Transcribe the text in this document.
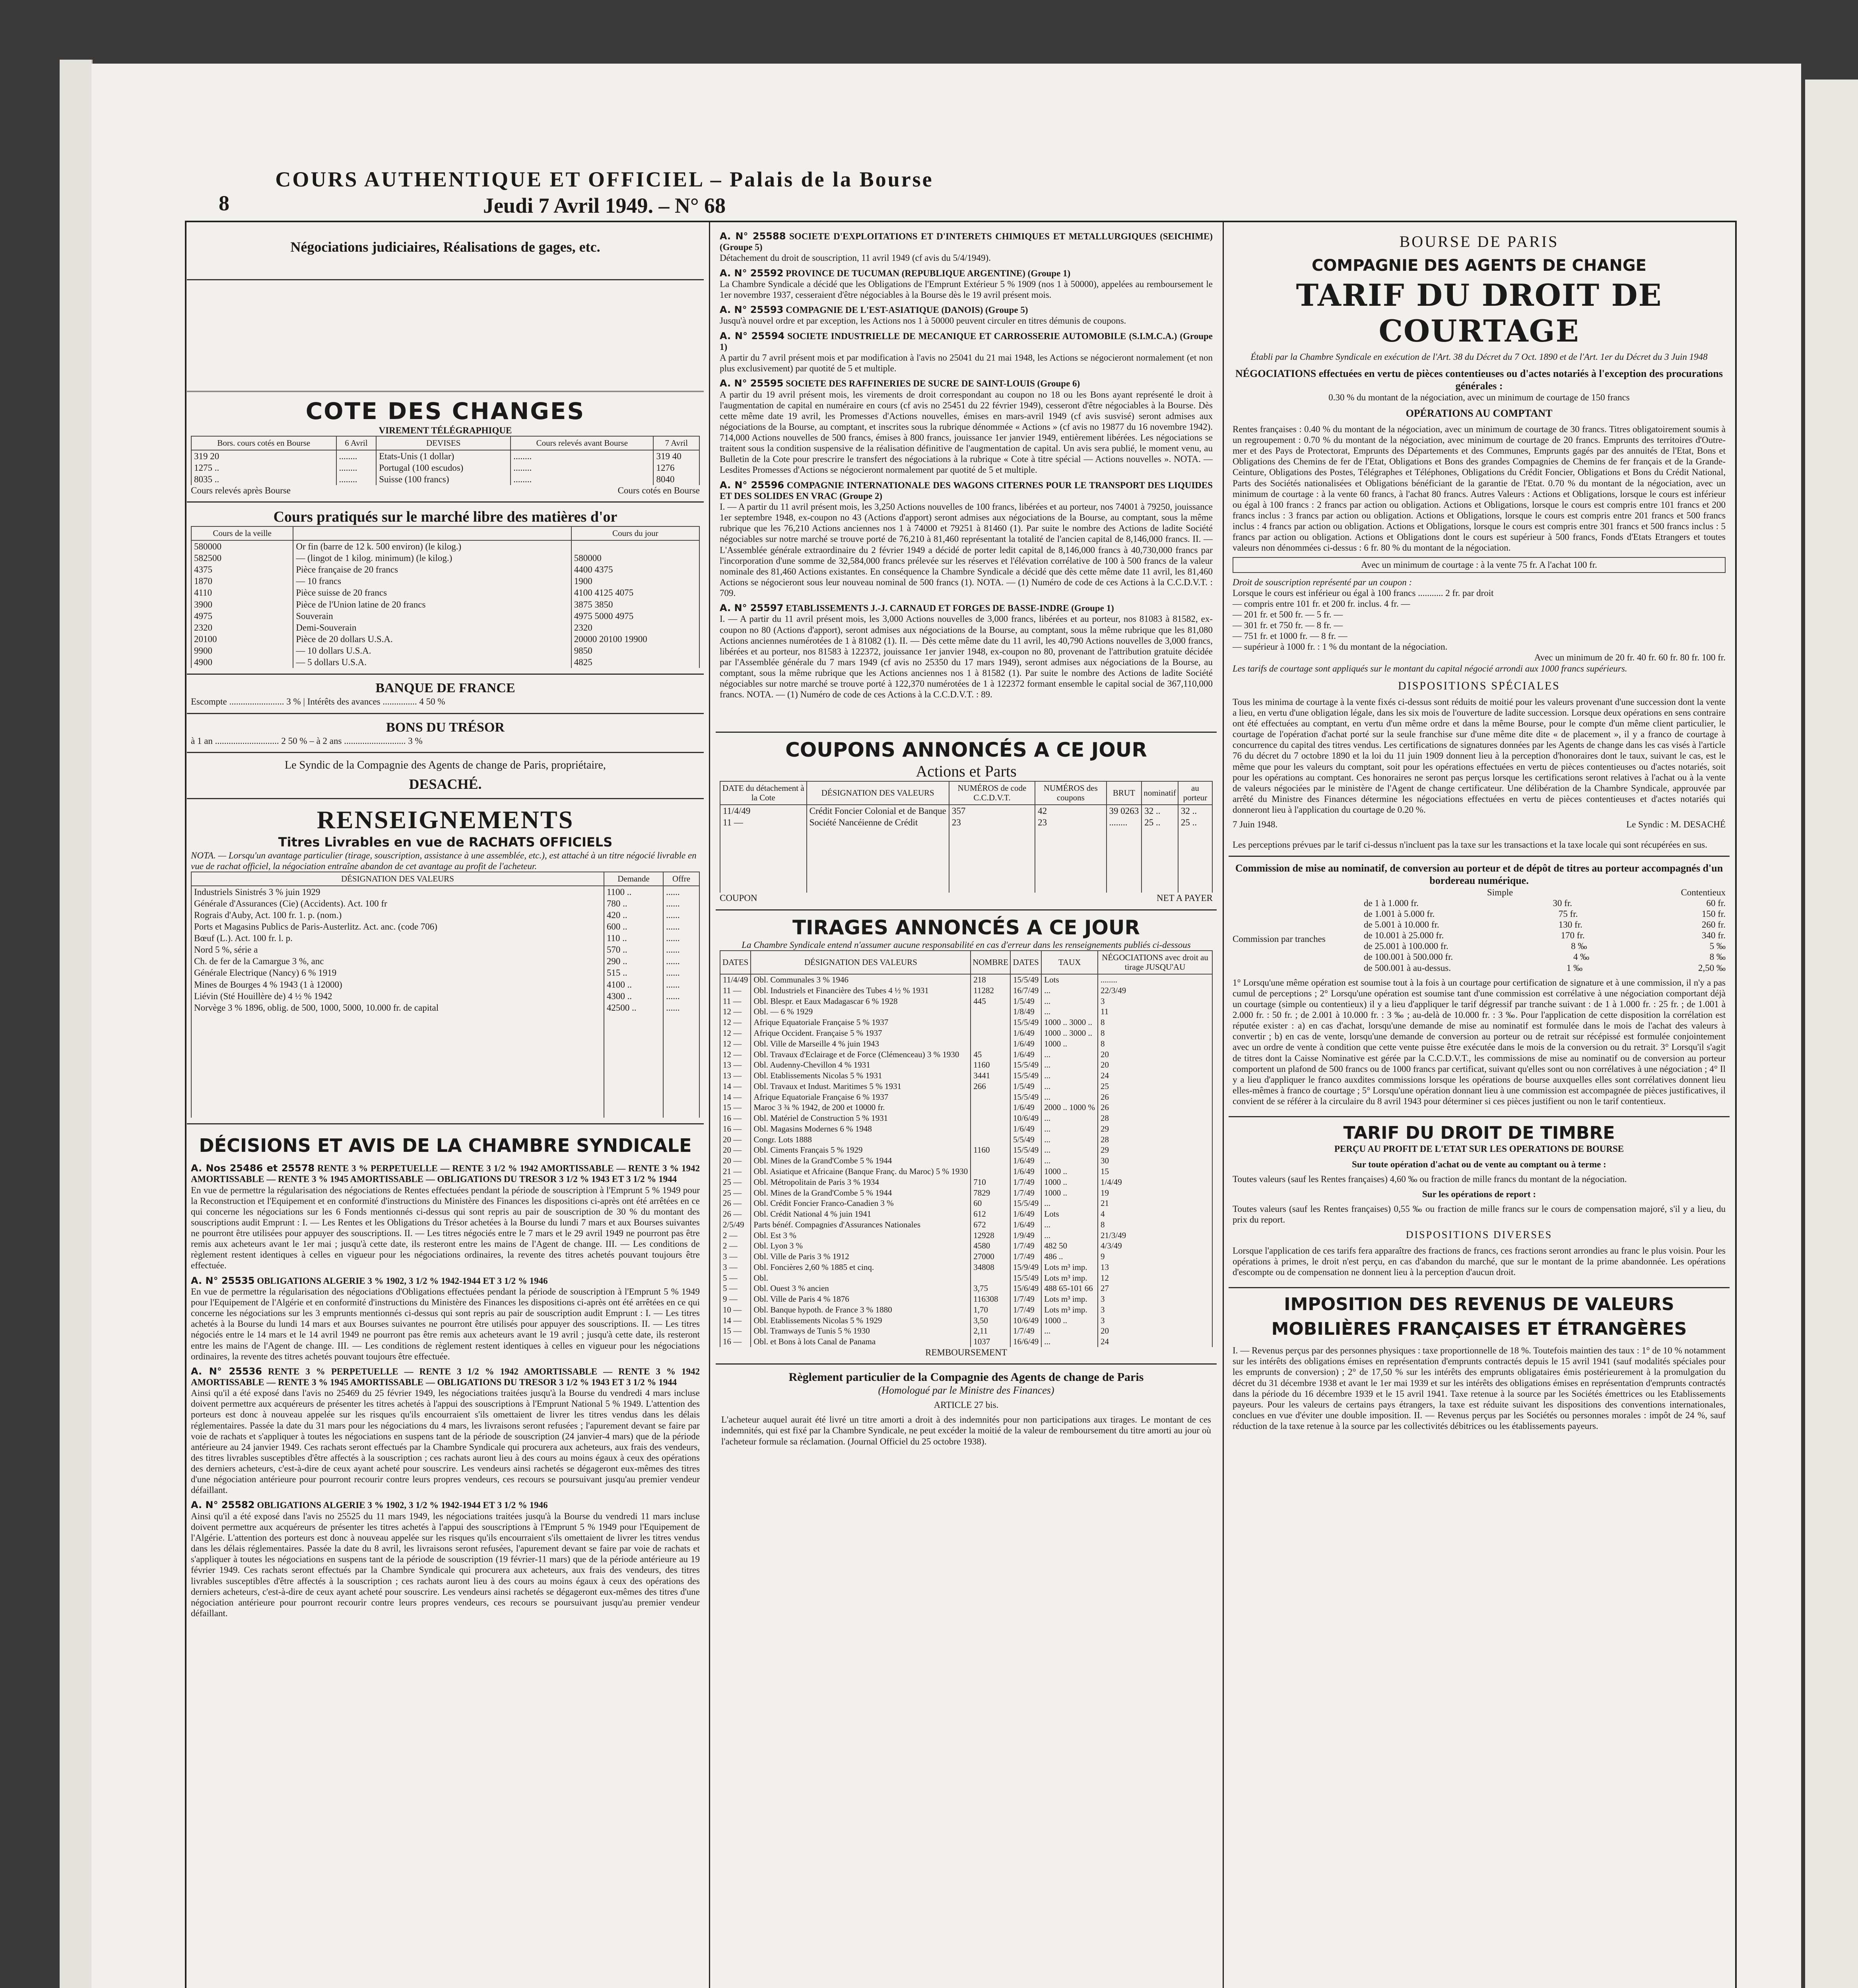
8
COURS AUTHENTIQUE ET OFFICIEL – Palais de la Bourse
Jeudi 7 Avril 1949. – N° 68
Négociations judiciaires, Réalisations de gages, etc.
COTE DES CHANGES
VIREMENT TÉLÉGRAPHIQUE
Bors. cours cotés en Bourse	6 Avril	DEVISES	Cours relevés avant Bourse	7 Avril
319 20	........	Etats-Unis (1 dollar)	........	319 40
1275 ..	........	Portugal (100 escudos)	........	1276
8035 ..	........	Suisse (100 francs)	........	8040
Cours relevés après Bourse	Cours cotés en Bourse
Cours pratiqués sur le marché libre des matières d'or
Cours de la veille		Cours du jour
580000	Or fin (barre de 12 k. 500 environ) (le kilog.)	
582500	— (lingot de 1 kilog. minimum) (le kilog.)	580000
4375	Pièce française de 20 francs	4400 4375
1870	— 10 francs	1900
4110	Pièce suisse de 20 francs	4100 4125 4075
3900	Pièce de l'Union latine de 20 francs	3875 3850
4975	Souverain	4975 5000 4975
2320	Demi-Souverain	2320
20100	Pièce de 20 dollars U.S.A.	20000 20100 19900
9900	— 10 dollars U.S.A.	9850
4900	— 5 dollars U.S.A.	4825
BANQUE DE FRANCE
Escompte ........................ 3 % | Intérêts des avances ............... 4 50 %
BONS DU TRÉSOR
à 1 an ............................ 2 50 % – à 2 ans ........................... 3 %
Le Syndic de la Compagnie des Agents de change de Paris, propriétaire,
DESACHÉ.
RENSEIGNEMENTS
Titres Livrables en vue de RACHATS OFFICIELS
NOTA. — Lorsqu'un avantage particulier (tirage, souscription, assistance à une assemblée, etc.), est attaché à un titre négocié livrable en vue de rachat officiel, la négociation entraîne abandon de cet avantage au profit de l'acheteur.
DÉSIGNATION DES VALEURS	Demande	Offre
Industriels Sinistrés 3 % juin 1929	1100 ..	......
Générale d'Assurances (Cie) (Accidents). Act. 100 fr	780 ..	......
Rograis d'Auby, Act. 100 fr. 1. p. (nom.)	420 ..	......
Ports et Magasins Publics de Paris-Austerlitz. Act. anc. (code 706)	600 ..	......
Bœuf (L.). Act. 100 fr. l. p.	110 ..	......
Nord 5 %, série a	570 ..	......
Ch. de fer de la Camargue 3 %, anc	290 ..	......
Générale Electrique (Nancy) 6 % 1919	515 ..	......
Mines de Bourges 4 % 1943 (1 à 12000)	4100 ..	......
Liévin (Sté Houillère de) 4 ½ % 1942	4300 ..	......
Norvège 3 % 1896, oblig. de 500, 1000, 5000, 10.000 fr. de capital	42500 ..	......

DÉCISIONS ET AVIS DE LA CHAMBRE SYNDICALE
A. Nos 25486 et 25578 RENTE 3 % PERPETUELLE — RENTE 3 1/2 % 1942 AMORTISSABLE — RENTE 3 % 1942 AMORTISSABLE — RENTE 3 % 1945 AMORTISSABLE — OBLIGATIONS DU TRESOR 3 1/2 % 1943 ET 3 1/2 % 1944
En vue de permettre la régularisation des négociations de Rentes effectuées pendant la période de souscription à l'Emprunt 5 % 1949 pour la Reconstruction et l'Equipement et en conformité d'instructions du Ministère des Finances les dispositions ci-après ont été arrêtées en ce qui concerne les négociations sur les 6 Fonds mentionnés ci-dessus qui sont repris au pair de souscription de 30 % du montant des souscriptions audit Emprunt : I. — Les Rentes et les Obligations du Trésor achetées à la Bourse du lundi 7 mars et aux Bourses suivantes ne pourront être utilisées pour appuyer des souscriptions. II. — Les titres négociés entre le 7 mars et le 29 avril 1949 ne pourront pas être remis aux acheteurs avant le 1er mai ; jusqu'à cette date, ils resteront entre les mains de l'Agent de change. III. — Les conditions de règlement restent identiques à celles en vigueur pour les négociations ordinaires, la revente des titres achetés pouvant toujours être effectuée.
A. N° 25535 OBLIGATIONS ALGERIE 3 % 1902, 3 1/2 % 1942-1944 ET 3 1/2 % 1946
En vue de permettre la régularisation des négociations d'Obligations effectuées pendant la période de souscription à l'Emprunt 5 % 1949 pour l'Equipement de l'Algérie et en conformité d'instructions du Ministère des Finances les dispositions ci-après ont été arrêtées en ce qui concerne les négociations sur les 3 emprunts mentionnés ci-dessus qui sont repris au pair de souscription audit Emprunt : I. — Les titres achetés à la Bourse du lundi 14 mars et aux Bourses suivantes ne pourront être utilisés pour appuyer des souscriptions. II. — Les titres négociés entre le 14 mars et le 14 avril 1949 ne pourront pas être remis aux acheteurs avant le 19 avril ; jusqu'à cette date, ils resteront entre les mains de l'Agent de change. III. — Les conditions de règlement restent identiques à celles en vigueur pour les négociations ordinaires, la revente des titres achetés pouvant toujours être effectuée.
A. N° 25536 RENTE 3 % PERPETUELLE — RENTE 3 1/2 % 1942 AMORTISSABLE — RENTE 3 % 1942 AMORTISSABLE — RENTE 3 % 1945 AMORTISSABLE — OBLIGATIONS DU TRESOR 3 1/2 % 1943 ET 3 1/2 % 1944
Ainsi qu'il a été exposé dans l'avis no 25469 du 25 février 1949, les négociations traitées jusqu'à la Bourse du vendredi 4 mars incluse doivent permettre aux acquéreurs de présenter les titres achetés à l'appui des souscriptions à l'Emprunt National 5 % 1949. L'attention des porteurs est donc à nouveau appelée sur les risques qu'ils encourraient s'ils omettaient de livrer les titres vendus dans les délais réglementaires. Passée la date du 31 mars pour les négociations du 4 mars, les livraisons seront refusées ; l'apurement devant se faire par voie de rachats et s'appliquer à toutes les négociations en suspens tant de la période de souscription (24 janvier-4 mars) que de la période antérieure au 24 janvier 1949. Ces rachats seront effectués par la Chambre Syndicale qui procurera aux acheteurs, aux frais des vendeurs, des titres livrables susceptibles d'être affectés à la souscription ; ces rachats auront lieu à des cours au moins égaux à ceux des opérations des derniers acheteurs, c'est-à-dire de ceux ayant acheté pour souscrire. Les vendeurs ainsi rachetés se dégageront eux-mêmes des titres d'une négociation antérieure pour pourront recourir contre leurs propres vendeurs, ces recours se poursuivant jusqu'au premier vendeur défaillant.
A. N° 25582 OBLIGATIONS ALGERIE 3 % 1902, 3 1/2 % 1942-1944 ET 3 1/2 % 1946
Ainsi qu'il a été exposé dans l'avis no 25525 du 11 mars 1949, les négociations traitées jusqu'à la Bourse du vendredi 11 mars incluse doivent permettre aux acquéreurs de présenter les titres achetés à l'appui des souscriptions à l'Emprunt 5 % 1949 pour l'Equipement de l'Algérie. L'attention des porteurs est donc à nouveau appelée sur les risques qu'ils encourraient s'ils omettaient de livrer les titres vendus dans les délais réglementaires. Passée la date du 8 avril, les livraisons seront refusées, l'apurement devant se faire par voie de rachats et s'appliquer à toutes les négociations en suspens tant de la période de souscription (19 février-11 mars) que de la période antérieure au 19 février 1949. Ces rachats seront effectués par la Chambre Syndicale qui procurera aux acheteurs, aux frais des vendeurs, des titres livrables susceptibles d'être affectés à la souscription ; ces rachats auront lieu à des cours au moins égaux à ceux des opérations des derniers acheteurs, c'est-à-dire de ceux ayant acheté pour souscrire. Les vendeurs ainsi rachetés se dégageront eux-mêmes des titres d'une négociation antérieure pour pourront recourir contre leurs propres vendeurs, ces recours se poursuivant jusqu'au premier vendeur défaillant.
A. N° 25588 SOCIETE D'EXPLOITATIONS ET D'INTERETS CHIMIQUES ET METALLURGIQUES (SEICHIME) (Groupe 5)
Détachement du droit de souscription, 11 avril 1949 (cf avis du 5/4/1949).
A. N° 25592 PROVINCE DE TUCUMAN (REPUBLIQUE ARGENTINE) (Groupe 1)
La Chambre Syndicale a décidé que les Obligations de l'Emprunt Extérieur 5 % 1909 (nos 1 à 50000), appelées au remboursement le 1er novembre 1937, cesseraient d'être négociables à la Bourse dès le 19 avril présent mois.
A. N° 25593 COMPAGNIE DE L'EST-ASIATIQUE (DANOIS) (Groupe 5)
Jusqu'à nouvel ordre et par exception, les Actions nos 1 à 50000 peuvent circuler en titres démunis de coupons.
A. N° 25594 SOCIETE INDUSTRIELLE DE MECANIQUE ET CARROSSERIE AUTOMOBILE (S.I.M.C.A.) (Groupe 1)
A partir du 7 avril présent mois et par modification à l'avis no 25041 du 21 mai 1948, les Actions se négocieront normalement (et non plus exclusivement) par quotité de 5 et multiple.
A. N° 25595 SOCIETE DES RAFFINERIES DE SUCRE DE SAINT-LOUIS (Groupe 6)
A partir du 19 avril présent mois, les virements de droit correspondant au coupon no 18 ou les Bons ayant représenté le droit à l'augmentation de capital en numéraire en cours (cf avis no 25451 du 22 février 1949), cesseront d'être négociables à la Bourse. Dès cette même date 19 avril, les Promesses d'Actions nouvelles, émises en mars-avril 1949 (cf avis susvisé) seront admises aux négociations de la Bourse, au comptant, et inscrites sous la rubrique dénommée « Actions » (cf avis no 19877 du 16 novembre 1942). 714,000 Actions nouvelles de 500 francs, émises à 800 francs, jouissance 1er janvier 1949, entièrement libérées. Les négociations se traitent sous la condition suspensive de la réalisation définitive de l'augmentation de capital. Un avis sera publié, le moment venu, au Bulletin de la Cote pour prescrire le transfert des négociations à la rubrique « Cote à titre spécial — Actions nouvelles ». NOTA. — Lesdites Promesses d'Actions se négocieront normalement par quotité de 5 et multiple.
A. N° 25596 COMPAGNIE INTERNATIONALE DES WAGONS CITERNES POUR LE TRANSPORT DES LIQUIDES ET DES SOLIDES EN VRAC (Groupe 2)
I. — A partir du 11 avril présent mois, les 3,250 Actions nouvelles de 100 francs, libérées et au porteur, nos 74001 à 79250, jouissance 1er septembre 1948, ex-coupon no 43 (Actions d'apport) seront admises aux négociations de la Bourse, au comptant, sous la même rubrique que les 76,210 Actions anciennes nos 1 à 74000 et 79251 à 81460 (1). Par suite le nombre des Actions de ladite Société négociables sur notre marché se trouve porté de 76,210 à 81,460 représentant la totalité de l'ancien capital de 8,146,000 francs. II. — L'Assemblée générale extraordinaire du 2 février 1949 a décidé de porter ledit capital de 8,146,000 francs à 40,730,000 francs par l'incorporation d'une somme de 32,584,000 francs prélevée sur les réserves et l'élévation corrélative de 100 à 500 francs de la valeur nominale des 81,460 Actions existantes. En conséquence la Chambre Syndicale a décidé que dès cette même date 11 avril, les 81,460 Actions se négocieront sous leur nouveau nominal de 500 francs (1). NOTA. — (1) Numéro de code de ces Actions à la C.C.D.V.T. : 709.
A. N° 25597 ETABLISSEMENTS J.-J. CARNAUD ET FORGES DE BASSE-INDRE (Groupe 1)
I. — A partir du 11 avril présent mois, les 3,000 Actions nouvelles de 3,000 francs, libérées et au porteur, nos 81083 à 81582, ex-coupon no 80 (Actions d'apport), seront admises aux négociations de la Bourse, au comptant, sous la même rubrique que les 81,080 Actions anciennes numérotées de 1 à 81082 (1). II. — Dès cette même date du 11 avril, les 40,790 Actions nouvelles de 3,000 francs, libérées et au porteur, nos 81583 à 122372, jouissance 1er janvier 1948, ex-coupon no 80, provenant de l'attribution gratuite décidée par l'Assemblée générale du 7 mars 1949 (cf avis no 25350 du 17 mars 1949), seront admises aux négociations de la Bourse, au comptant, sous la même rubrique que les Actions anciennes nos 1 à 81582 (1). Par suite le nombre des Actions de ladite Société négociables sur notre marché se trouve porté à 122,370 numérotées de 1 à 122372 formant ensemble le capital social de 367,110,000 francs. NOTA. — (1) Numéro de code de ces Actions à la C.C.D.V.T. : 89.
COUPONS ANNONCÉS A CE JOUR
Actions et Parts
DATE du détachement à la Cote	DÉSIGNATION DES VALEURS	NUMÉROS de code C.C.D.V.T.	NUMÉROS des coupons	BRUT	nominatif	au porteur
11/4/49	Crédit Foncier Colonial et de Banque	357	42	39 0263	32 ..	32 ..
11 —	Société Nancéienne de Crédit	23	23	........	25 ..	25 ..

COUPON	NET A PAYER
TIRAGES ANNONCÉS A CE JOUR
La Chambre Syndicale entend n'assumer aucune responsabilité en cas d'erreur dans les renseignements publiés ci-dessous
DATES	DÉSIGNATION DES VALEURS	NOMBRE	DATES	TAUX	NÉGOCIATIONS avec droit au tirage JUSQU'AU
11/4/49	Obl. Communales 3 % 1946	218	15/5/49	Lots	........
11 —	Obl. Industriels et Financière des Tubes 4 ½ % 1931	11282	16/7/49	...	22/3/49
11 —	Obl. Blespr. et Eaux Madagascar 6 % 1928	445	1/5/49	...	3
12 —	Obl. — 6 % 1929		1/8/49	...	11
12 —	Afrique Equatoriale Française 5 % 1937		15/5/49	1000 .. 3000 ..	8
12 —	Afrique Occident. Française 5 % 1937		1/6/49	1000 .. 3000 ..	8
12 —	Obl. Ville de Marseille 4 % juin 1943		1/6/49	1000 ..	8
12 —	Obl. Travaux d'Eclairage et de Force (Clémenceau) 3 % 1930	45	1/6/49	...	20
13 —	Obl. Audenny-Chevillon 4 % 1931	1160	15/5/49	...	20
13 —	Obl. Etablissements Nicolas 5 % 1931	3441	15/5/49	...	24
14 —	Obl. Travaux et Indust. Maritimes 5 % 1931	266	1/5/49	...	25
14 —	Afrique Equatoriale Française 6 % 1937		15/5/49	...	26
15 —	Maroc 3 ¾ % 1942, de 200 et 10000 fr.		1/6/49	2000 .. 1000 %	26
16 —	Obl. Matériel de Construction 5 % 1931		10/6/49	...	28
16 —	Obl. Magasins Modernes 6 % 1948		1/6/49	...	29
20 —	Congr. Lots 1888		5/5/49	...	28
20 —	Obl. Ciments Français 5 % 1929	1160	15/5/49	...	29
20 —	Obl. Mines de la Grand'Combe 5 % 1944		1/6/49	...	30
21 —	Obl. Asiatique et Africaine (Banque Franç. du Maroc) 5 % 1930		1/6/49	1000 ..	15
25 —	Obl. Métropolitain de Paris 3 % 1934	710	1/7/49	1000 ..	1/4/49
25 —	Obl. Mines de la Grand'Combe 5 % 1944	7829	1/7/49	1000 ..	19
26 —	Obl. Crédit Foncier Franco-Canadien 3 %	60	15/5/49	...	21
26 —	Obl. Crédit National 4 % juin 1941	612	1/6/49	Lots	4
2/5/49	Parts bénéf. Compagnies d'Assurances Nationales	672	1/6/49	...	8
2 —	Obl. Est 3 %	12928	1/9/49	...	21/3/49
2 —	Obl. Lyon 3 %	4580	1/7/49	482 50	4/3/49
3 —	Obl. Ville de Paris 3 % 1912	27000	1/7/49	486 ..	9
3 —	Obl. Foncières 2,60 % 1885 et cinq.	34808	15/9/49	Lots m³ imp.	13
5 —	Obl.		15/5/49	Lots m³ imp.	12
5 —	Obl. Ouest 3 % ancien	3,75	15/6/49	488 65-101 66	27
9 —	Obl. Ville de Paris 4 % 1876	116308	1/7/49	Lots m³ imp.	3
10 —	Obl. Banque hypoth. de France 3 % 1880	1,70	1/7/49	Lots m³ imp.	3
14 —	Obl. Etablissements Nicolas 5 % 1929	3,50	10/6/49	1000 ..	3
15 —	Obl. Tramways de Tunis 5 % 1930	2,11	1/7/49	...	20
16 —	Obl. et Bons à lots Canal de Panama	1037	16/6/49	...	24
REMBOURSEMENT
Règlement particulier de la Compagnie des Agents de change de Paris
(Homologué par le Ministre des Finances)
ARTICLE 27 bis.
L'acheteur auquel aurait été livré un titre amorti a droit à des indemnités pour non participations aux tirages. Le montant de ces indemnités, qui est fixé par la Chambre Syndicale, ne peut excéder la moitié de la valeur de remboursement du titre amorti au jour où l'acheteur formule sa réclamation. (Journal Officiel du 25 octobre 1938).
BOURSE DE PARIS
COMPAGNIE DES AGENTS DE CHANGE
TARIF DU DROIT DE COURTAGE
Établi par la Chambre Syndicale en exécution de l'Art. 38 du Décret du 7 Oct. 1890 et de l'Art. 1er du Décret du 3 Juin 1948
NÉGOCIATIONS effectuées en vertu de pièces contentieuses ou d'actes notariés à l'exception des procurations générales :
0.30 % du montant de la négociation, avec un minimum de courtage de 150 francs
OPÉRATIONS AU COMPTANT
Rentes françaises : 0.40 % du montant de la négociation, avec un minimum de courtage de 30 francs. Titres obligatoirement soumis à un regroupement : 0.70 % du montant de la négociation, avec minimum de courtage de 20 francs. Emprunts des territoires d'Outre-mer et des Pays de Protectorat, Emprunts des Départements et des Communes, Emprunts gagés par des annuités de l'Etat, Bons et Obligations des Chemins de fer de l'Etat, Obligations et Bons des grandes Compagnies de Chemins de fer français et de la Grande-Ceinture, Obligations des Postes, Télégraphes et Téléphones, Obligations du Crédit Foncier, Obligations et Bons du Crédit National, Parts des Sociétés nationalisées et Obligations bénéficiant de la garantie de l'Etat. 0.70 % du montant de la négociation, avec un minimum de courtage : à la vente 60 francs, à l'achat 80 francs. Autres Valeurs : Actions et Obligations, lorsque le cours est inférieur ou égal à 100 francs : 2 francs par action ou obligation. Actions et Obligations, lorsque le cours est compris entre 101 francs et 200 francs inclus : 3 francs par action ou obligation. Actions et Obligations, lorsque le cours est compris entre 201 francs et 500 francs inclus : 4 francs par action ou obligation. Actions et Obligations, lorsque le cours est compris entre 301 francs et 500 francs inclus : 5 francs par action ou obligation. Actions et Obligations dont le cours est supérieur à 500 francs, Fonds d'Etats Etrangers et toutes valeurs non dénommées ci-dessus : 6 fr. 80 % du montant de la négociation.
Avec un minimum de courtage : à la vente 75 fr. A l'achat 100 fr.
Droit de souscription représenté par un coupon :
Lorsque le cours est inférieur ou égal à 100 francs ........... 2 fr. par droit
— compris entre 101 fr. et 200 fr. inclus. 4 fr. —
— 201 fr. et 500 fr. — 5 fr. —
— 301 fr. et 750 fr. — 8 fr. —
— 751 fr. et 1000 fr. — 8 fr. —
— supérieur à 1000 fr. : 1 % du montant de la négociation.
Avec un minimum de 20 fr. 40 fr. 60 fr. 80 fr. 100 fr.
Les tarifs de courtage sont appliqués sur le montant du capital négocié arrondi aux 1000 francs supérieurs.
DISPOSITIONS SPÉCIALES
Tous les minima de courtage à la vente fixés ci-dessus sont réduits de moitié pour les valeurs provenant d'une succession dont la vente a lieu, en vertu d'une obligation légale, dans les six mois de l'ouverture de ladite succession. Lorsque deux opérations en sens contraire ont été effectuées au comptant, en vertu d'un même ordre et dans la même Bourse, pour le compte d'un même client particulier, le courtage de l'opération d'achat porté sur la seule franchise sur d'une même dite dite « de placement », il y a franco de courtage à concurrence du capital des titres vendus. Les certifications de signatures données par les Agents de change dans les cas visés à l'article 76 du décret du 7 octobre 1890 et la loi du 11 juin 1909 donnent lieu à la perception d'honoraires dont le taux, suivant le cas, est le même que pour les valeurs du comptant, soit pour les opérations effectuées en vertu de pièces contentieuses ou d'actes notariés, soit pour les opérations au comptant. Ces honoraires ne seront pas perçus lorsque les certifications seront relatives à l'achat ou à la vente de valeurs négociées par le ministère de l'Agent de change certificateur. Une délibération de la Chambre Syndicale, approuvée par arrêté du Ministre des Finances détermine les négociations effectuées en vertu de pièces contentieuses et d'actes notariés qui donneront lieu à l'application du courtage de 0.20 %.
7 Juin 1948.	Le Syndic : M. DESACHÉ
Les perceptions prévues par le tarif ci-dessus n'incluent pas la taxe sur les transactions et la taxe locale qui sont récupérées en sus.
Commission de mise au nominatif, de conversion au porteur et de dépôt de titres au porteur accompagnés d'un bordereau numérique.
Simple	Contentieux
Commission par tranches
de 1 à 1.000 fr.	30 fr.	60 fr.
de 1.001 à 5.000 fr.	75 fr.	150 fr.
de 5.001 à 10.000 fr.	130 fr.	260 fr.
de 10.001 à 25.000 fr.	170 fr.	340 fr.
de 25.001 à 100.000 fr.	8 ‰	5 ‰
de 100.001 à 500.000 fr.	4 ‰	8 ‰
de 500.001 à au-dessus.	1 ‰	2,50 ‰
1° Lorsqu'une même opération est soumise tout à la fois à un courtage pour certification de signature et à une commission, il n'y a pas cumul de perceptions ; 2° Lorsqu'une opération est soumise tant d'une commission est corrélative à une négociation comportant déjà un courtage (simple ou contentieux) il y a lieu d'appliquer le tarif dégressif par tranche suivant : de 1 à 1.000 fr. : 25 fr. ; de 1.001 à 2.000 fr. : 50 fr. ; de 2.001 à 10.000 fr. : 3 ‰ ; au-delà de 10.000 fr. : 3 ‰. Pour l'application de cette disposition la corrélation est réputée exister : a) en cas d'achat, lorsqu'une demande de mise au nominatif est formulée dans le mois de l'achat des valeurs à convertir ; b) en cas de vente, lorsqu'une demande de conversion au porteur ou de retrait sur récépissé est formulée conjointement avec un ordre de vente à condition que cette vente puisse être exécutée dans le mois de la conversion ou du retrait. 3° Lorsqu'il s'agit de titres dont la Caisse Nominative est gérée par la C.C.D.V.T., les commissions de mise au nominatif ou de conversion au porteur comportent un plafond de 500 francs ou de 1000 francs par certificat, suivant qu'elles sont ou non corrélatives à une négociation ; 4° Il y a lieu d'appliquer le franco auxdites commissions lorsque les opérations de bourse auxquelles elles sont corrélatives donnent lieu elles-mêmes à franco de courtage ; 5° Lorsqu'une opération donnant lieu à une commission est accompagnée de pièces justificatives, il convient de se référer à la circulaire du 8 avril 1943 pour déterminer si ces pièces justifient ou non le tarif contentieux.
TARIF DU DROIT DE TIMBRE
PERÇU AU PROFIT DE L'ETAT SUR LES OPERATIONS DE BOURSE
Sur toute opération d'achat ou de vente au comptant ou à terme :
Toutes valeurs (sauf les Rentes françaises) 4,60 ‰ ou fraction de mille francs du montant de la négociation.
Sur les opérations de report :
Toutes valeurs (sauf les Rentes françaises) 0,55 ‰ ou fraction de mille francs sur le cours de compensation majoré, s'il y a lieu, du prix du report.
DISPOSITIONS DIVERSES
Lorsque l'application de ces tarifs fera apparaître des fractions de francs, ces fractions seront arrondies au franc le plus voisin. Pour les opérations à primes, le droit n'est perçu, en cas d'abandon du marché, que sur le montant de la prime abandonnée. Les opérations d'escompte ou de compensation ne donnent lieu à la perception d'aucun droit.
IMPOSITION DES REVENUS DE VALEURS MOBILIÈRES FRANÇAISES ET ÉTRANGÈRES
I. — Revenus perçus par des personnes physiques : taxe proportionnelle de 18 %. Toutefois maintien des taux : 1° de 10 % notamment sur les intérêts des obligations émises en représentation d'emprunts contractés depuis le 15 avril 1941 (sauf modalités spéciales pour les emprunts de conversion) ; 2° de 17,50 % sur les intérêts des emprunts obligataires émis postérieurement à la promulgation du décret du 31 décembre 1938 et avant le 1er mai 1939 et sur les intérêts des obligations émises en représentation d'emprunts contractés dans la période du 16 décembre 1939 et le 15 avril 1941. Taxe retenue à la source par les Sociétés émettrices ou les Etablissements payeurs. Pour les valeurs de certains pays étrangers, la taxe est réduite suivant les dispositions des conventions internationales, conclues en vue d'éviter une double imposition. II. — Revenus perçus par les Sociétés ou personnes morales : impôt de 24 %, sauf réduction de la taxe retenue à la source par les collectivités débitrices ou les établissements payeurs.
